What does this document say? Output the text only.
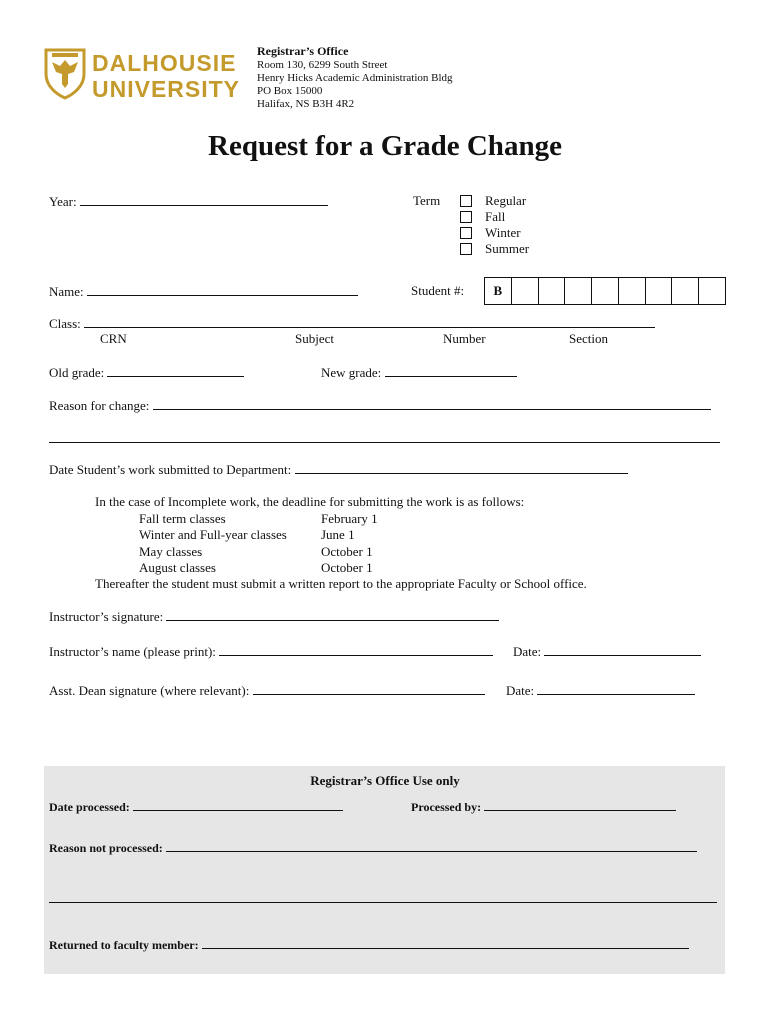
DALHOUSIE
UNIVERSITY
Registrar’s Office
Room 130, 6299 South Street
Henry Hicks Academic Administration Bldg
PO Box 15000
Halifax, NS B3H 4R2
Request for a Grade Change
Year:	Term	Regular
Fall
Winter
Summer
Name:	Student #:	B
Class:
CRN	Subject	Number	Section
Old grade:	New grade:
Reason for change:
Date Student’s work submitted to Department:
In the case of Incomplete work, the deadline for submitting the work is as follows:
Fall term classes	February 1
Winter and Full-year classes	June 1
May classes	October 1
August classes	October 1
Thereafter the student must submit a written report to the appropriate Faculty or School office.
Instructor’s signature:
Instructor’s name (please print):	Date:
Asst. Dean signature (where relevant):	Date:
Registrar’s Office Use only
Date processed:	Processed by:
Reason not processed:
Returned to faculty member:
